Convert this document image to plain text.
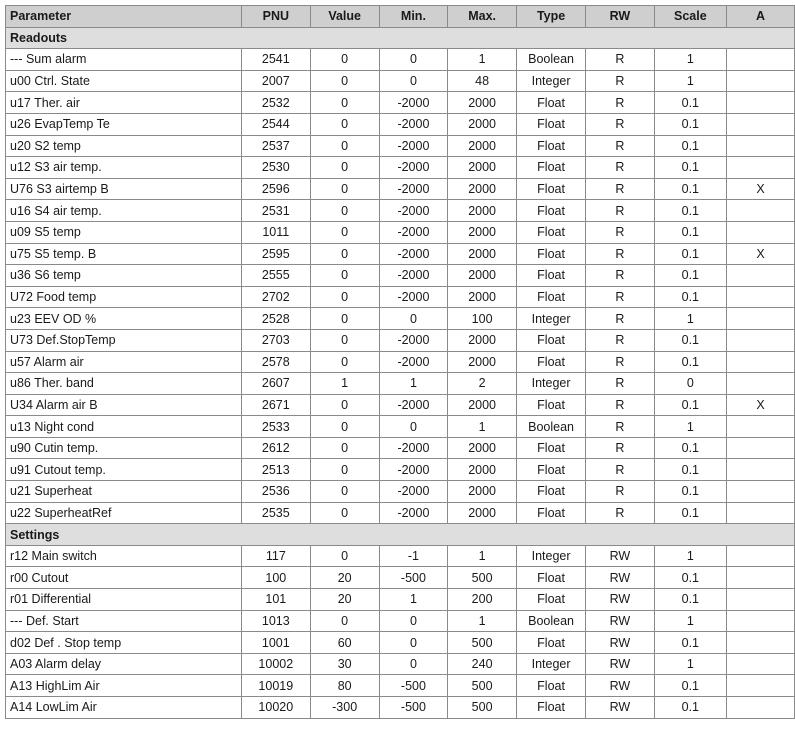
Parameter	PNU	Value	Min.	Max.	Type	RW	Scale	A
Readouts								
--- Sum alarm	2541	0	0	1	Boolean	R	1	
u00 Ctrl. State	2007	0	0	48	Integer	R	1	
u17 Ther. air	2532	0	-2000	2000	Float	R	0.1	
u26 EvapTemp Te	2544	0	-2000	2000	Float	R	0.1	
u20 S2 temp	2537	0	-2000	2000	Float	R	0.1	
u12 S3 air temp.	2530	0	-2000	2000	Float	R	0.1	
U76 S3 airtemp B	2596	0	-2000	2000	Float	R	0.1	X
u16 S4 air temp.	2531	0	-2000	2000	Float	R	0.1	
u09 S5 temp	1011	0	-2000	2000	Float	R	0.1	
u75 S5 temp. B	2595	0	-2000	2000	Float	R	0.1	X
u36 S6 temp	2555	0	-2000	2000	Float	R	0.1	
U72 Food temp	2702	0	-2000	2000	Float	R	0.1	
u23 EEV OD %	2528	0	0	100	Integer	R	1	
U73 Def.StopTemp	2703	0	-2000	2000	Float	R	0.1	
u57 Alarm air	2578	0	-2000	2000	Float	R	0.1	
u86 Ther. band	2607	1	1	2	Integer	R	0	
U34 Alarm air B	2671	0	-2000	2000	Float	R	0.1	X
u13 Night cond	2533	0	0	1	Boolean	R	1	
u90 Cutin temp.	2612	0	-2000	2000	Float	R	0.1	
u91 Cutout temp.	2513	0	-2000	2000	Float	R	0.1	
u21 Superheat	2536	0	-2000	2000	Float	R	0.1	
u22 SuperheatRef	2535	0	-2000	2000	Float	R	0.1	
Settings								
r12 Main switch	117	0	-1	1	Integer	RW	1	
r00 Cutout	100	20	-500	500	Float	RW	0.1	
r01 Differential	101	20	1	200	Float	RW	0.1	
--- Def. Start	1013	0	0	1	Boolean	RW	1	
d02 Def . Stop temp	1001	60	0	500	Float	RW	0.1	
A03 Alarm delay	10002	30	0	240	Integer	RW	1	
A13 HighLim Air	10019	80	-500	500	Float	RW	0.1	
A14 LowLim Air	10020	-300	-500	500	Float	RW	0.1	
